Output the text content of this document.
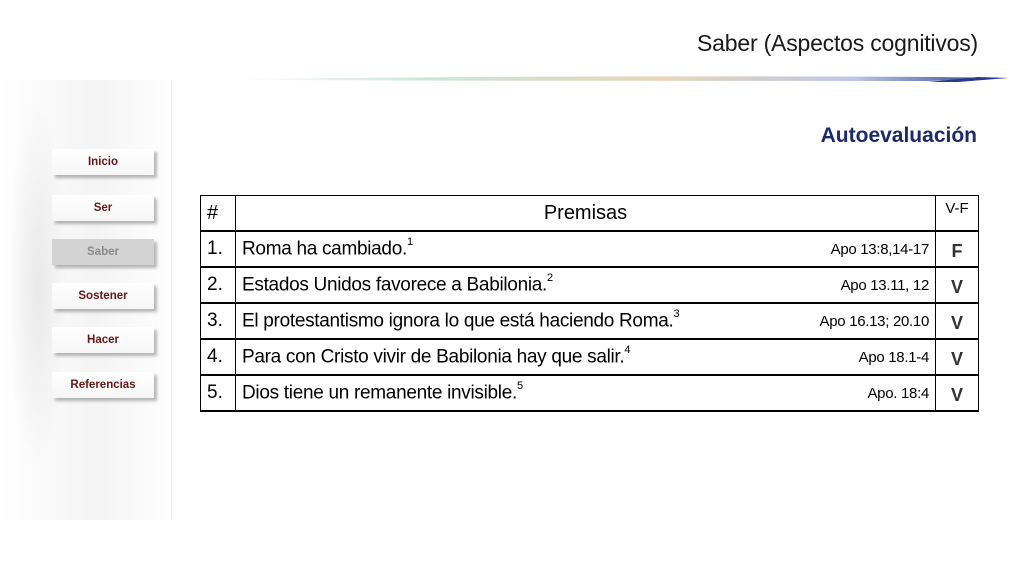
Saber (Aspectos cognitivos)
Autoevaluación
Inicio
Ser
Saber
Sostener
Hacer
Referencias
#	Premisas	V-F
1.	Roma ha cambiado.$^1$ Apo 13:8,14-17	F
2.	Estados Unidos favorece a Babilonia.$^2$ Apo 13.11, 12	V
3.	El protestantismo ignora lo que está haciendo Roma.$^3$ Apo 16.13; 20.10	V
4.	Para con Cristo vivir de Babilonia hay que salir.$^4$ Apo 18.1-4	V
5.	Dios tiene un remanente invisible.$^5$ Apo. 18:4	V
